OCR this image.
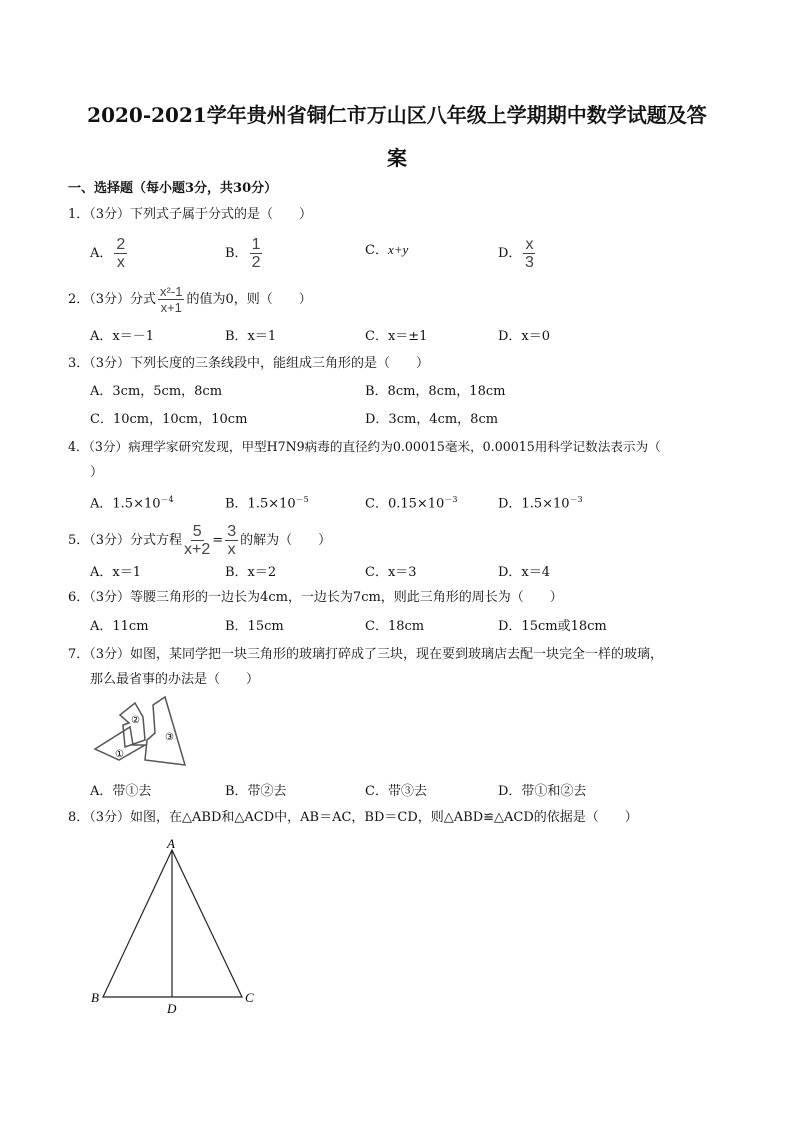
2020-2021学年贵州省铜仁市万山区八年级上学期期中数学试题及答
案
一、选择题（每小题3分，共30分）
1．（3分）下列式子属于分式的是（　　）
A． $\frac{2}{x}$	B． $\frac{1}{2}$	C．x+y	D． $\frac{x}{3}$
2．（3分）分式 $\frac{\text{x²-1}}{x+1}$ 的值为0，则（　　）
A．x＝－1	B．x＝1	C．x＝±1	D．x＝0
3．（3分）下列长度的三条线段中，能组成三角形的是（　　）
A．3cm，5cm，8cm	B．8cm，8cm，18cm
C．10cm，10cm，10cm	D．3cm，4cm，8cm
4．（3分）病理学家研究发现，甲型H7N9病毒的直径约为0.00015毫米，0.00015用科学记数法表示为（
）
A．$1.5\times 10^{-4}$	B．$1.5\times 10^{-5}$	C．$0.15\times 10^{-3}$	D．$1.5\times 10^{-3}$
5．（3分）分式方程 $\frac{5}{x+2} = \frac{3}{x}$ 的解为（　　）
A．x＝1	B．x＝2	C．x＝3	D．x＝4
6．（3分）等腰三角形的一边长为4cm，一边长为7cm，则此三角形的周长为（　　）
A．11cm	B．15cm	C．18cm	D．15cm或18cm
7．（3分）如图，某同学把一块三角形的玻璃打碎成了三块，现在要到玻璃店去配一块完全一样的玻璃，
那么最省事的办法是（　　）
①
②
③
A．带①去	B．带②去	C．带③去	D．带①和②去
8．（3分）如图，在△ABD和△ACD中，AB＝AC，BD＝CD，则△ABD≌△ACD的依据是（　　）
A
B	C
D
